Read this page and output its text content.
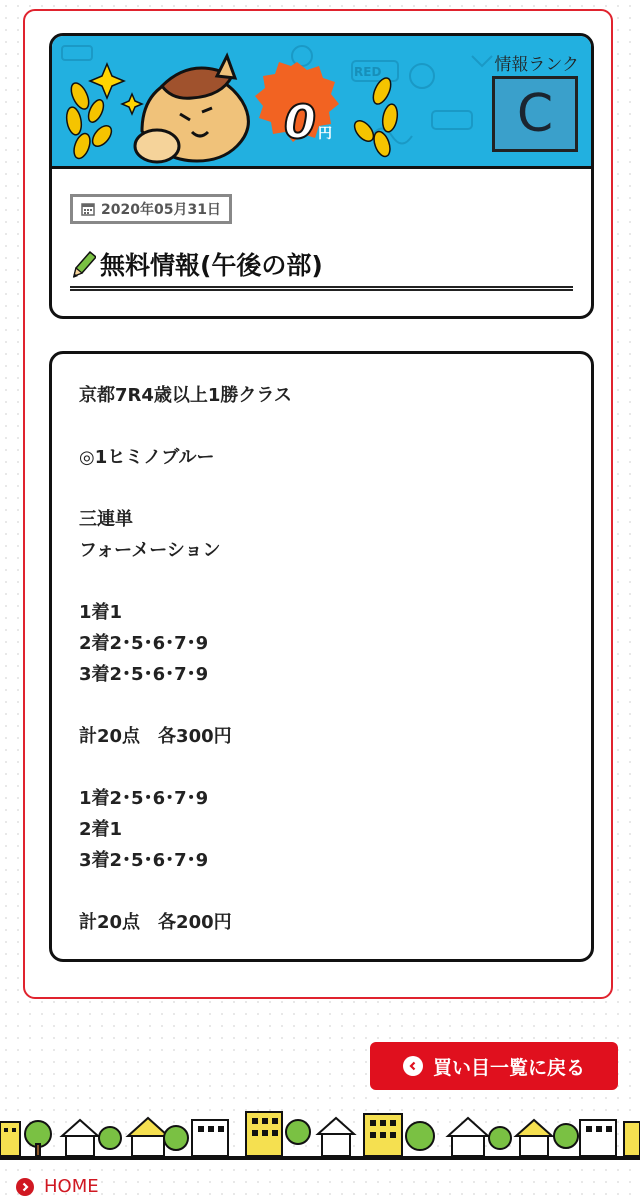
RED
0 円
情報ランク
C
2020年05月31日
無料情報(午後の部)
京都7R4歳以上1勝クラス
◎1ヒミノブルー
三連単
フォーメーション
1着1
2着2･5･6･7･9
3着2･5･6･7･9
計20点　各300円
1着2･5･6･7･9
2着1
3着2･5･6･7･9
計20点　各200円
買い目一覧に戻る
HOME
